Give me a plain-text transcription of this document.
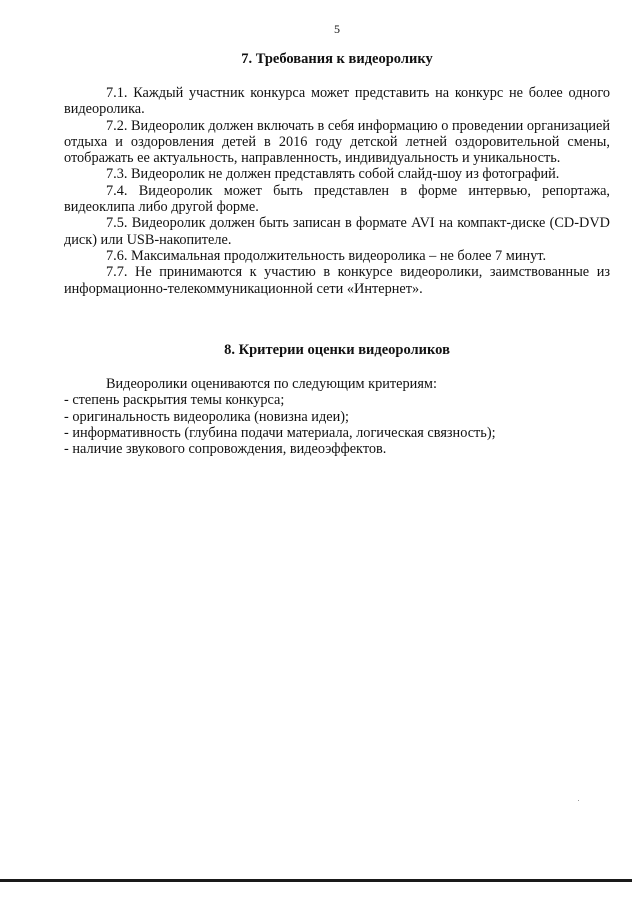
5
7. Требования к видеоролику

7.1. Каждый участник конкурса может представить на конкурс не более одного видеоролика.

7.2. Видеоролик должен включать в себя информацию о проведении организацией отдыха и оздоровления детей в 2016 году детской летней оздоровительной смены, отображать ее актуальность, направленность, индивидуальность и уникальность.

7.3. Видеоролик не должен представлять собой слайд-шоу из фотографий.

7.4. Видеоролик может быть представлен в форме интервью, репортажа, видеоклипа либо другой форме.

7.5. Видеоролик должен быть записан в формате AVI на компакт-диске (CD-DVD диск) или USB-накопителе.

7.6. Максимальная продолжительность видеоролика – не более 7 минут.

7.7. Не принимаются к участию в конкурсе видеоролики, заимствованные из информационно-телекоммуникационной сети «Интернет».

8. Критерии оценки видеороликов

Видеоролики оцениваются по следующим критериям:

- степень раскрытия темы конкурса;

- оригинальность видеоролика (новизна идеи);

- информативность (глубина подачи материала, логическая связность);

- наличие звукового сопровождения, видеоэффектов.
